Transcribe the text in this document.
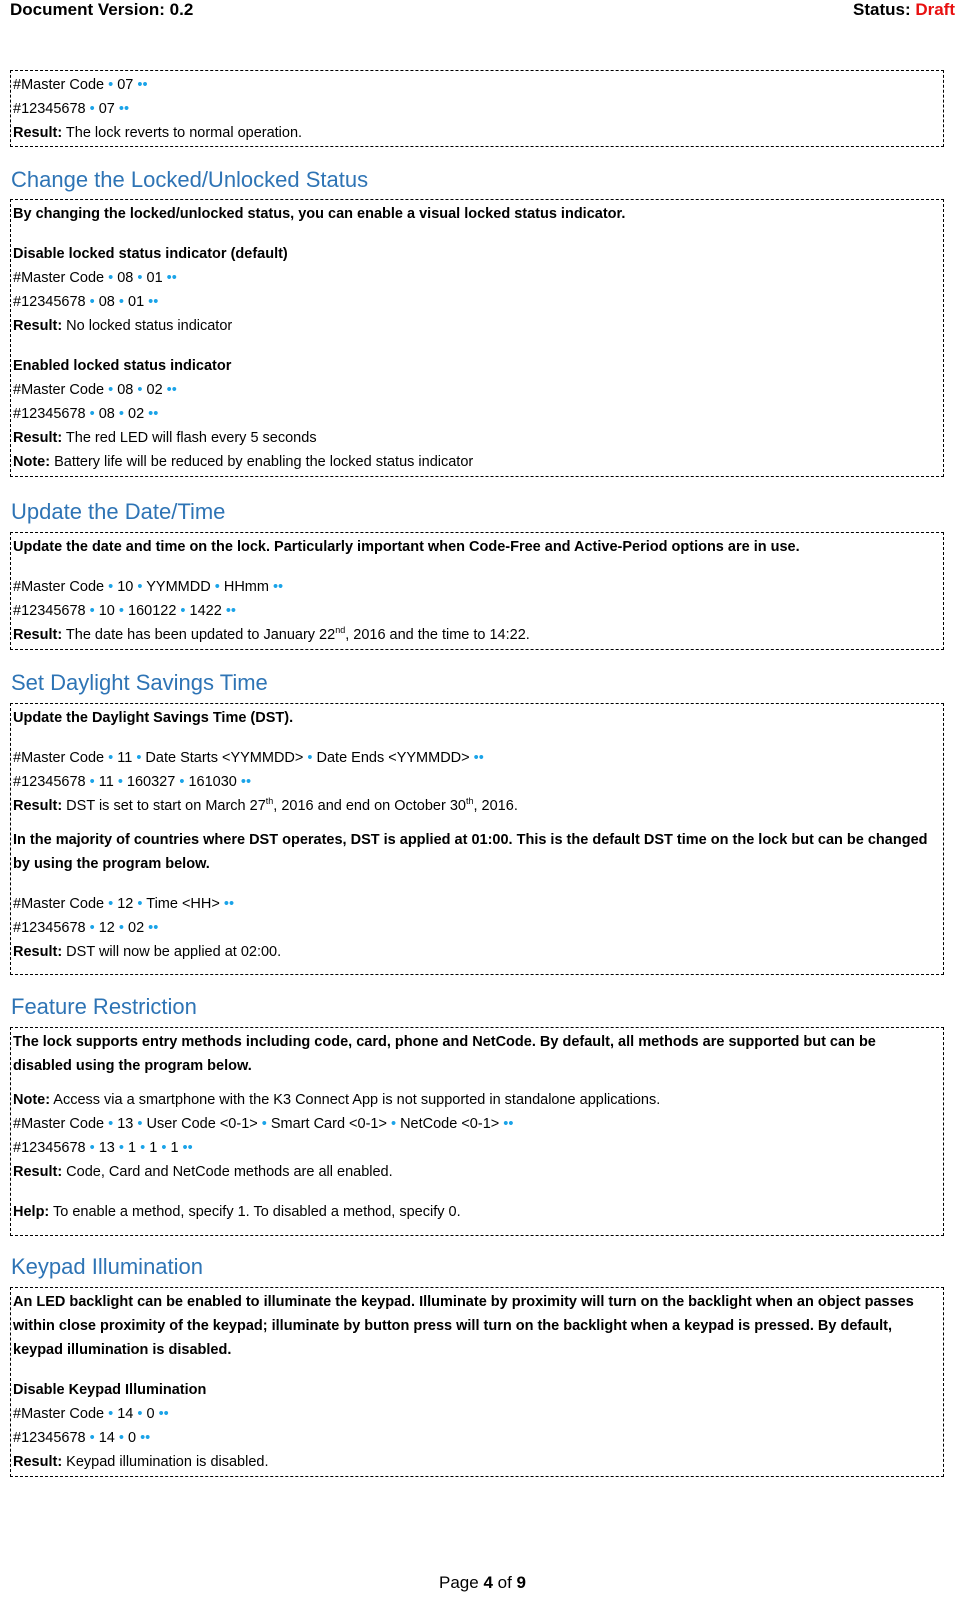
Document Version: 0.2	Status: Draft
#Master Code • 07 ••
#12345678 • 07 ••
Result: The lock reverts to normal operation.
Change the Locked/Unlocked Status
By changing the locked/unlocked status, you can enable a visual locked status indicator.
Disable locked status indicator (default)
#Master Code • 08 • 01 ••
#12345678 • 08 • 01 ••
Result: No locked status indicator
Enabled locked status indicator
#Master Code • 08 • 02 ••
#12345678 • 08 • 02 ••
Result: The red LED will flash every 5 seconds
Note: Battery life will be reduced by enabling the locked status indicator
Update the Date/Time
Update the date and time on the lock. Particularly important when Code-Free and Active-Period options are in use.
#Master Code • 10 • YYMMDD • HHmm ••
#12345678 • 10 • 160122 • 1422 ••
Result: The date has been updated to January 22nd, 2016 and the time to 14:22.
Set Daylight Savings Time
Update the Daylight Savings Time (DST).
#Master Code • 11 • Date Starts <YYMMDD> • Date Ends <YYMMDD> ••
#12345678 • 11 • 160327 • 161030 ••
Result: DST is set to start on March 27th, 2016 and end on October 30th, 2016.
In the majority of countries where DST operates, DST is applied at 01:00. This is the default DST time on the lock but can be changed by using the program below.
#Master Code • 12 • Time <HH> ••
#12345678 • 12 • 02 ••
Result: DST will now be applied at 02:00.
Feature Restriction
The lock supports entry methods including code, card, phone and NetCode. By default, all methods are supported but can be disabled using the program below.
Note: Access via a smartphone with the K3 Connect App is not supported in standalone applications.
#Master Code • 13 • User Code <0-1> • Smart Card <0-1> • NetCode <0-1> ••
#12345678 • 13 • 1 • 1 • 1 ••
Result: Code, Card and NetCode methods are all enabled.
Help: To enable a method, specify 1. To disabled a method, specify 0.
Keypad Illumination
An LED backlight can be enabled to illuminate the keypad. Illuminate by proximity will turn on the backlight when an object passes within close proximity of the keypad; illuminate by button press will turn on the backlight when a keypad is pressed. By default, keypad illumination is disabled.
Disable Keypad Illumination
#Master Code • 14 • 0 ••
#12345678 • 14 • 0 ••
Result: Keypad illumination is disabled.
Page 4 of 9
